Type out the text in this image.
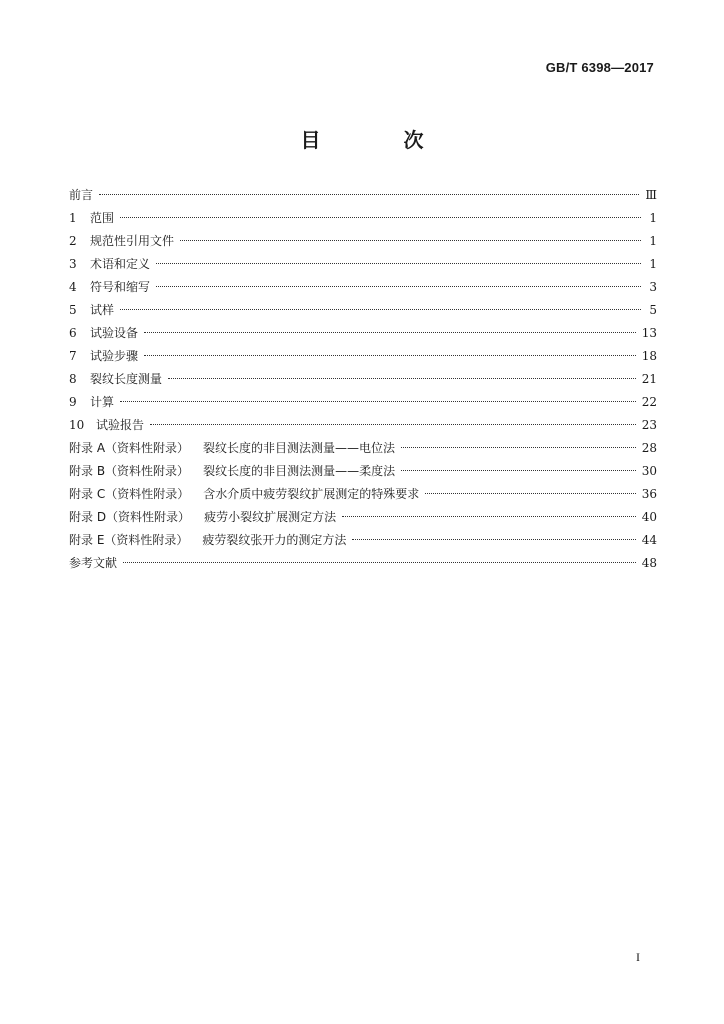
GB/T 6398—2017
目 次
前言	Ⅲ
1	范围	1
2	规范性引用文件	1
3	术语和定义	1
4	符号和缩写	3
5	试样	5
6	试验设备	13
7	试验步骤	18
8	裂纹长度测量	21
9	计算	22
10 试验报告	23
附录 A（资料性附录） 裂纹长度的非目测法测量——电位法	28
附录 B（资料性附录） 裂纹长度的非目测法测量——柔度法	30
附录 C（资料性附录） 含水介质中疲劳裂纹扩展测定的特殊要求	36
附录 D（资料性附录） 疲劳小裂纹扩展测定方法	40
附录 E（资料性附录） 疲劳裂纹张开力的测定方法	44
参考文献	48
I
